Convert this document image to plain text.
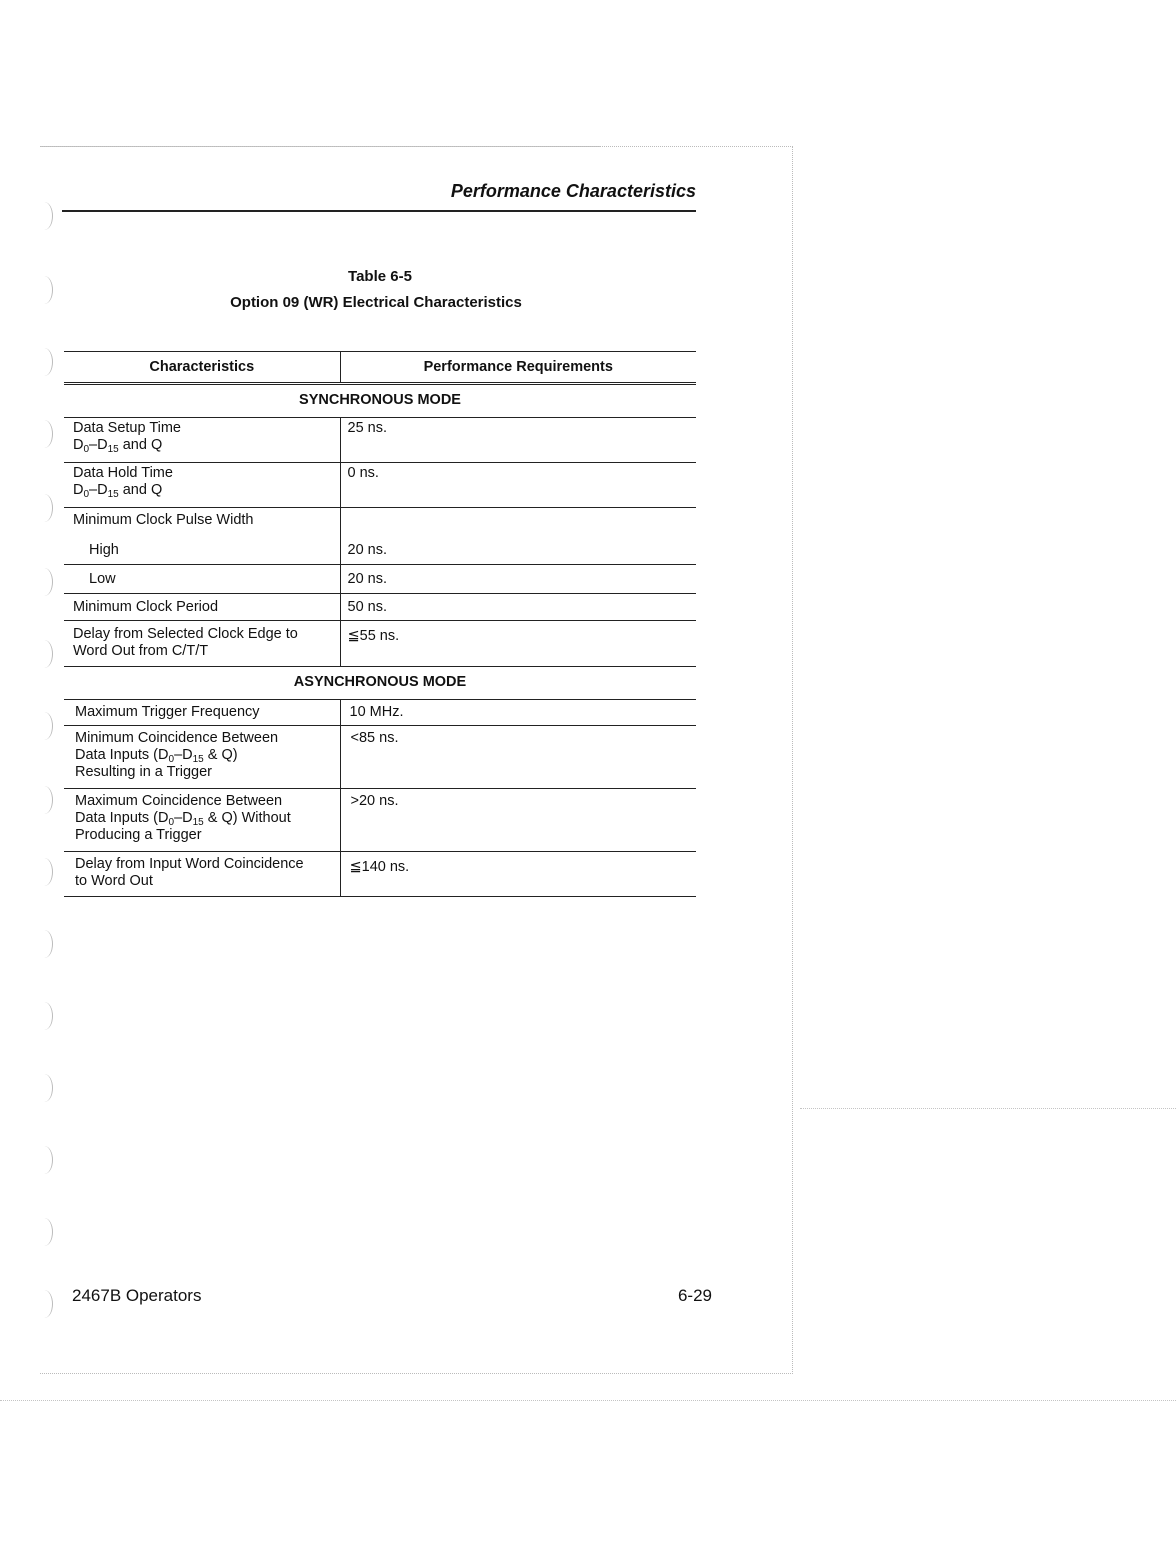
Performance Characteristics
Table 6-5
Option 09 (WR) Electrical Characteristics
Characteristics	Performance Requirements
SYNCHRONOUS MODE	
Data Setup Time
$D_0-D_{15}$ and Q	25 ns.
Data Hold Time
$D_0-D_{15}$ and Q	0 ns.
Minimum Clock Pulse Width	
High	20 ns.
Low	20 ns.
Minimum Clock Period	50 ns.
Delay from Selected Clock Edge to
Word Out from C/T/T	≦55 ns.
ASYNCHRONOUS MODE	
Maximum Trigger Frequency	10 MHz.
Minimum Coincidence Between
Data Inputs ($D_0-D_{15}$ & Q)
Resulting in a Trigger	<85 ns.
Maximum Coincidence Between
Data Inputs ($D_0-D_{15}$ & Q) Without
Producing a Trigger	>20 ns.
Delay from Input Word Coincidence
to Word Out	≦140 ns.
2467B Operators	6-29
